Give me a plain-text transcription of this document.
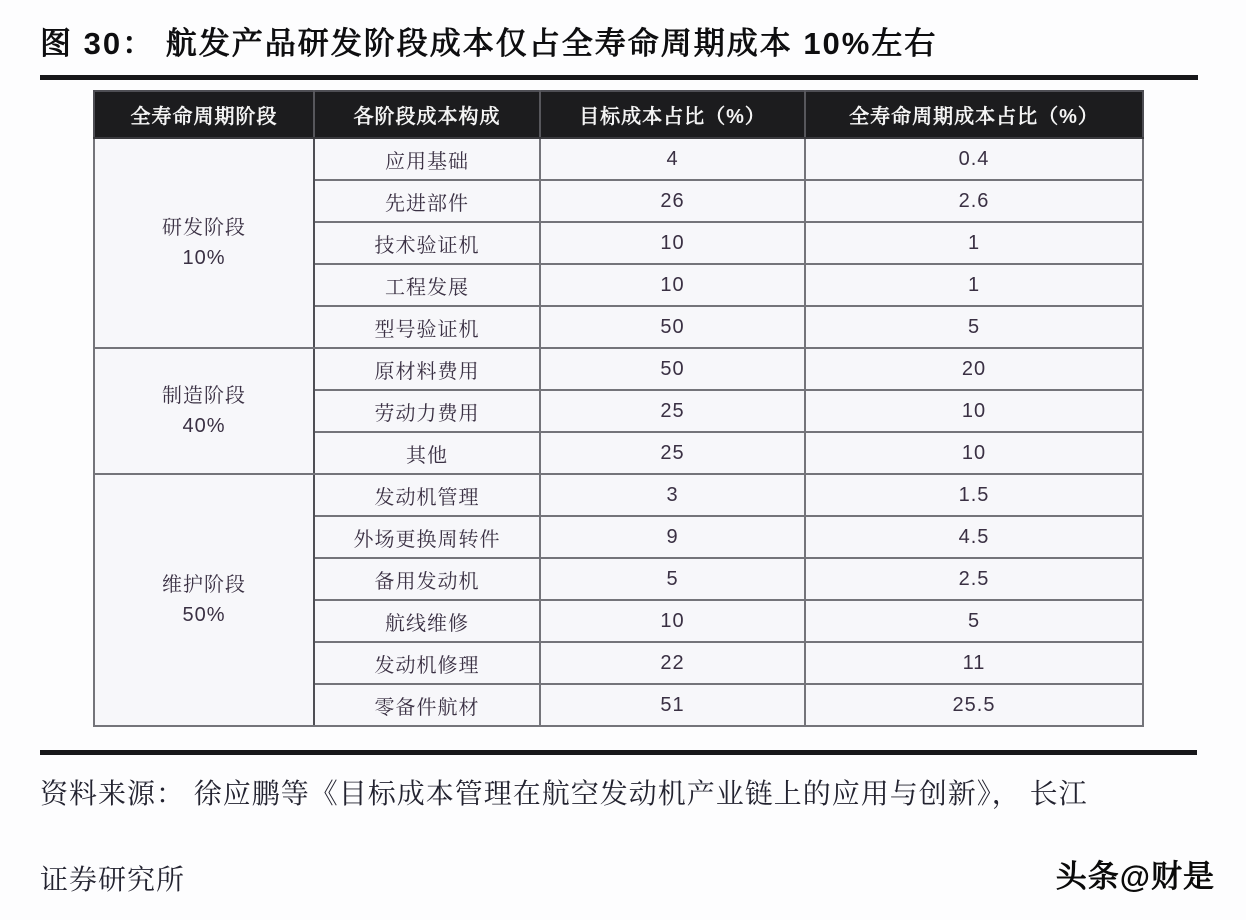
图 30： 航发产品研发阶段成本仅占全寿命周期成本 10%左右
全寿命周期阶段	各阶段成本构成	目标成本占比（%）	全寿命周期成本占比（%）

研发阶段
10%	应用基础	4	0.4
	先进部件	26	2.6
	技术验证机	10	1
	工程发展	10	1
	型号验证机	50	5

制造阶段
40%	原材料费用	50	20
	劳动力费用	25	10
	其他	25	10

维护阶段
50%	发动机管理	3	1.5
	外场更换周转件	9	4.5
	备用发动机	5	2.5
	航线维修	10	5
	发动机修理	22	11
	零备件航材	51	25.5
资料来源： 徐应鹏等《目标成本管理在航空发动机产业链上的应用与创新》， 长江
证券研究所	头条@财是
